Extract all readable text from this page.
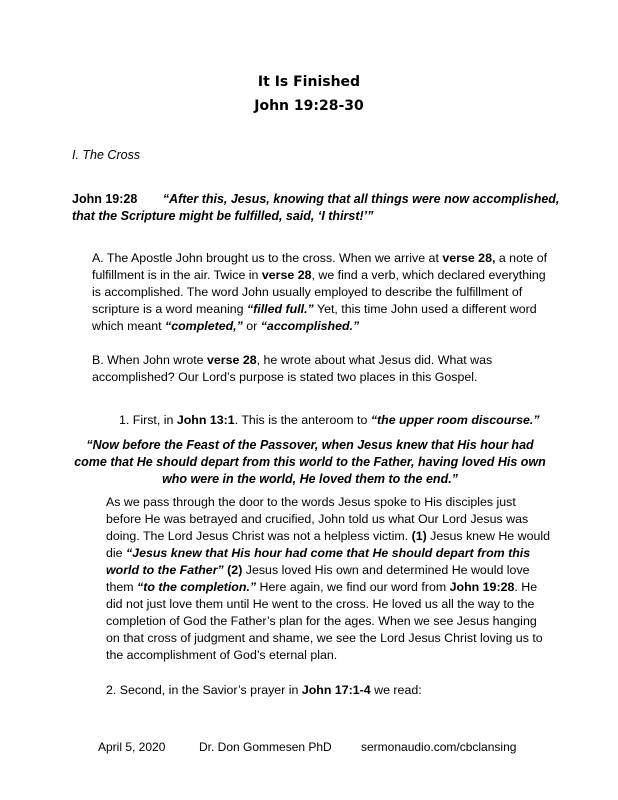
It Is Finished
John 19:28-30
I. The Cross
John 19:28 “After this, Jesus, knowing that all things were now accomplished,
that the Scripture might be fulfilled, said, ‘I thirst!’”
A. The Apostle John brought us to the cross. When we arrive at verse 28, a note of fulfillment is in the air. Twice in verse 28, we find a verb, which declared everything is accomplished. The word John usually employed to describe the fulfillment of scripture is a word meaning “filled full.” Yet, this time John used a different word which meant “completed,” or “accomplished.”
B. When John wrote verse 28, he wrote about what Jesus did. What was accomplished? Our Lord’s purpose is stated two places in this Gospel.
1. First, in John 13:1. This is the anteroom to “the upper room discourse.”
“Now before the Feast of the Passover, when Jesus knew that His hour had come that He should depart from this world to the Father, having loved His own who were in the world, He loved them to the end.”
As we pass through the door to the words Jesus spoke to His disciples just before He was betrayed and crucified, John told us what Our Lord Jesus was doing. The Lord Jesus Christ was not a helpless victim. (1) Jesus knew He would die “Jesus knew that His hour had come that He should depart from this world to the Father” (2) Jesus loved His own and determined He would love them “to the completion.” Here again, we find our word from John 19:28. He did not just love them until He went to the cross. He loved us all the way to the completion of God the Father’s plan for the ages. When we see Jesus hanging on that cross of judgment and shame, we see the Lord Jesus Christ loving us to the accomplishment of God’s eternal plan.
2. Second, in the Savior’s prayer in John 17:1-4 we read:
April 5, 2020	Dr. Don Gommesen PhD sermonaudio.com/cbclansing
